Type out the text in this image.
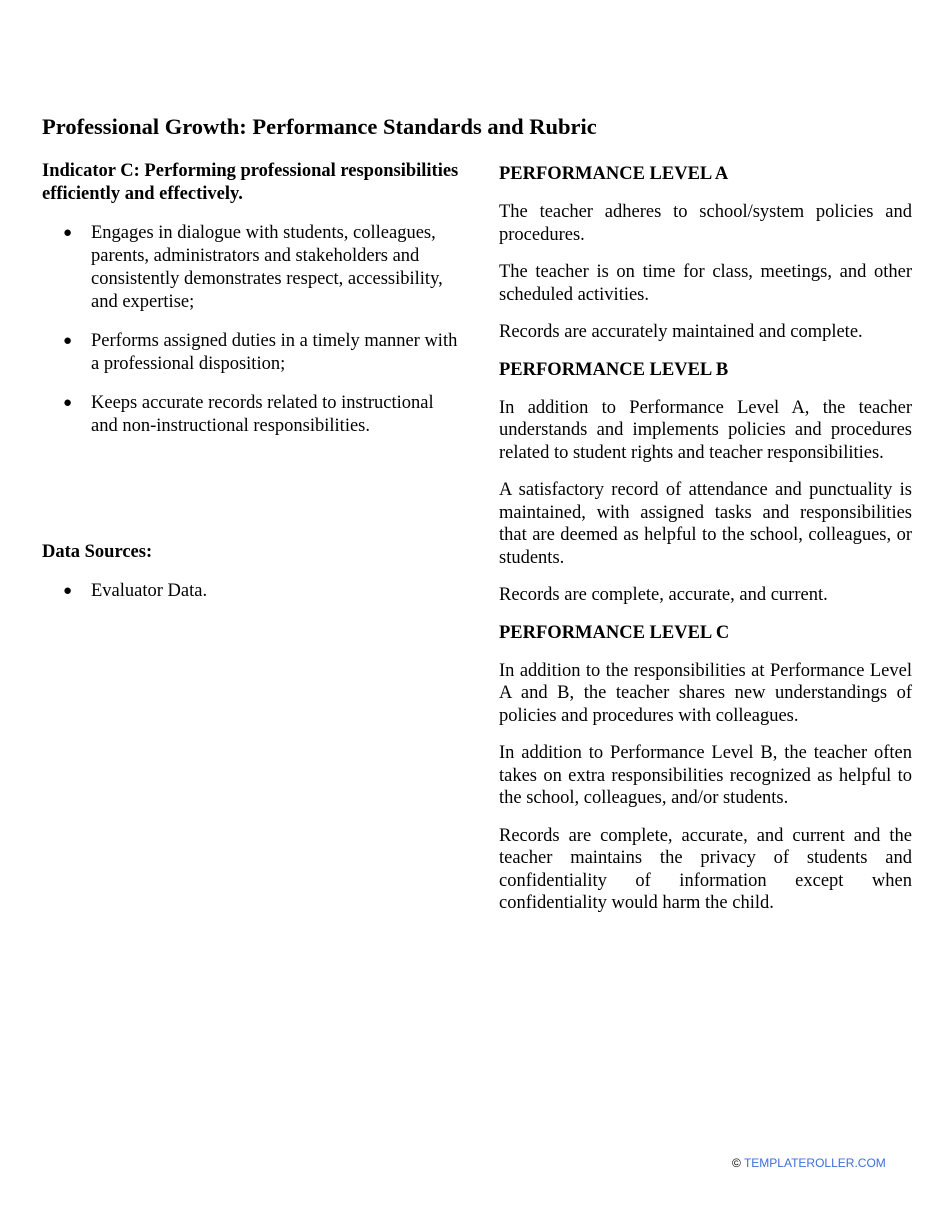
Professional Growth: Performance Standards and Rubric

Indicator C: Performing professional responsibilities efficiently and effectively.

● Engages in dialogue with students, colleagues, parents, administrators and stakeholders and consistently demonstrates respect, accessibility, and expertise;
● Performs assigned duties in a timely manner with a professional disposition;
● Keeps accurate records related to instructional and non-instructional responsibilities.

Data Sources:

● Evaluator Data.

PERFORMANCE LEVEL A

The teacher adheres to school/system policies and procedures.

The teacher is on time for class, meetings, and other scheduled activities.

Records are accurately maintained and complete.

PERFORMANCE LEVEL B

In addition to Performance Level A, the teacher understands and implements policies and procedures related to student rights and teacher responsibilities.

A satisfactory record of attendance and punctuality is maintained, with assigned tasks and responsibilities that are deemed as helpful to the school, colleagues, or students.

Records are complete, accurate, and current.

PERFORMANCE LEVEL C

In addition to the responsibilities at Performance Level A and B, the teacher shares new understandings of policies and procedures with colleagues.

In addition to Performance Level B, the teacher often takes on extra responsibilities recognized as helpful to the school, colleagues, and/or students.

Records are complete, accurate, and current and the teacher maintains the privacy of students and confidentiality of information except when confidentiality would harm the child.

© TEMPLATEROLLER.COM
